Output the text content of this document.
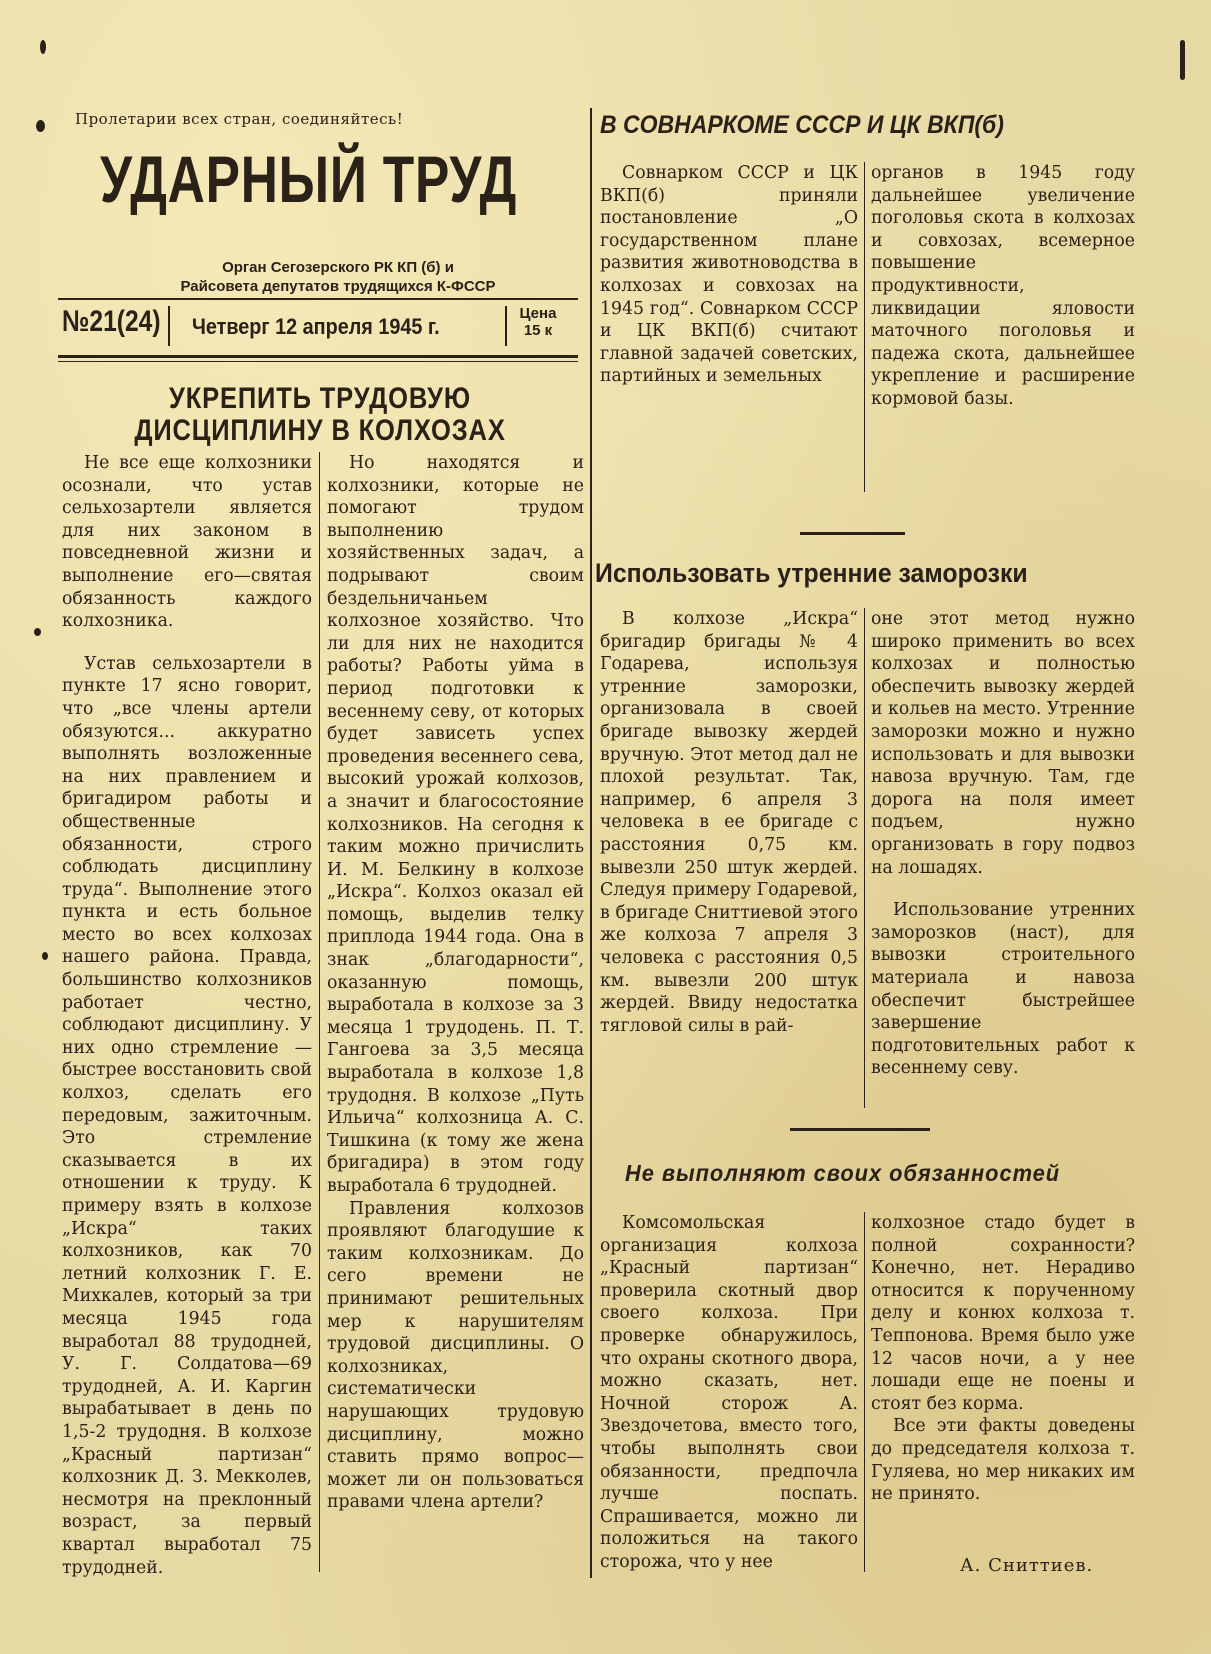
Пролетарии всех стран, соединяйтесь!
УДАРНЫЙ ТРУД
Орган Сегозерского РК КП (б) и
Райсовета депутатов трудящихся К-ФССР
№21(24) Четверг 12 апреля 1945 г.
Цена
15 к
УКРЕПИТЬ ТРУДОВУЮ ДИСЦИПЛИНУ В КОЛХОЗАХ

Не все еще колхозники осознали, что устав сельхозартели является для них законом в повседневной жизни и выполнение его—святая обязанность каждого колхозника.

Устав сельхозартели в пункте 17 ясно говорит, что „все члены артели обязуются... аккуратно выполнять возложенные на них правлением и бригадиром работы и общественные обязанности, строго соблюдать дисциплину труда“. Выполнение этого пункта и есть больное место во всех колхозах нашего района. Правда, большинство колхозников работает честно, соблюдают дисциплину. У них одно стремление —быстрее восстановить свой колхоз, сделать его передовым, зажиточным. Это стремление сказывается в их отношении к труду. К примеру взять в колхозе „Искра“ таких колхозников, как 70 летний колхозник Г. Е. Михкалев, который за три месяца 1945 года выработал 88 трудодней, У. Г. Солдатова—69 трудодней, А. И. Каргин вырабатывает в день по 1,5-2 трудодня. В колхозе „Красный партизан“ колхозник Д. З. Мекколев, несмотря на преклонный возраст, за первый квартал выработал 75 трудодней.

Но находятся и колхозники, которые не помогают трудом выполнению хозяйственных задач, а подрывают своим бездельничаньем колхозное хозяйство. Что ли для них не находится работы? Работы уйма в период подготовки к весеннему севу, от которых будет зависеть успех проведения весеннего сева, высокий урожай колхозов, а значит и благосостояние колхозников. На сегодня к таким можно причислить И. М. Белкину в колхозе „Искра“. Колхоз оказал ей помощь, выделив телку приплода 1944 года. Она в знак „благодарности“, оказанную помощь, выработала в колхозе за 3 месяца 1 трудодень. П. Т. Гангоева за 3,5 месяца выработала в колхозе 1,8 трудодня. В колхозе „Путь Ильича“ колхозница А. С. Тишкина (к тому же жена бригадира) в этом году выработала 6 трудодней.

Правления колхозов проявляют благодушие к таким колхозникам. До сего времени не принимают решительных мер к нарушителям трудовой дисциплины. О колхозниках, систематически нарушающих трудовую дисциплину, можно ставить прямо вопрос—может ли он пользоваться правами члена артели?

В СОВНАРКОМЕ СССР И ЦК ВКП(б)

Совнарком СССР и ЦК ВКП(б) приняли постановление „О государственном плане развития животноводства в колхозах и совхозах на 1945 год“. Совнарком СССР и ЦК ВКП(б) считают главной задачей советских, партийных и земельных

органов в 1945 году дальнейшее увеличение поголовья скота в колхозах и совхозах, всемерное повышение продуктивности, ликвидации яловости маточного поголовья и падежа скота, дальнейшее укрепление и расширение кормовой базы.

Использовать утренние заморозки

В колхозе „Искра“ бригадир бригады № 4 Годарева, используя утренние заморозки, организовала в своей бригаде вывозку жердей вручную. Этот метод дал не плохой результат. Так, например, 6 апреля 3 человека в ее бригаде с расстояния 0,75 км. вывезли 250 штук жердей. Следуя примеру Годаревой, в бригаде Сниттиевой этого же колхоза 7 апреля 3 человека с расстояния 0,5 км. вывезли 200 штук жердей. Ввиду недостатка тягловой силы в рай-

оне этот метод нужно широко применить во всех колхозах и полностью обеспечить вывозку жердей и кольев на место. Утренние заморозки можно и нужно использовать и для вывозки навоза вручную. Там, где дорога на поля имеет подъем, нужно организовать в гору подвоз на лошадях.

Использование утренних заморозков (наст), для вывозки строительного материала и навоза обеспечит быстрейшее завершение подготовительных работ к весеннему севу.

Не выполняют своих обязанностей

Комсомольская организация колхоза „Красный партизан“ проверила скотный двор своего колхоза. При проверке обнаружилось, что охраны скотного двора, можно сказать, нет. Ночной сторож А. Звездочетова, вместо того, чтобы выполнять свои обязанности, предпочла лучше поспать. Спрашивается, можно ли положиться на такого сторожа, что у нее

колхозное стадо будет в полной сохранности? Конечно, нет. Нерадиво относится к порученному делу и конюх колхоза т. Теппонова. Время было уже 12 часов ночи, а у нее лошади еще не поены и стоят без корма.

Все эти факты доведены до председателя колхоза т. Гуляева, но мер никаких им не принято.

А. Сниттиев.
